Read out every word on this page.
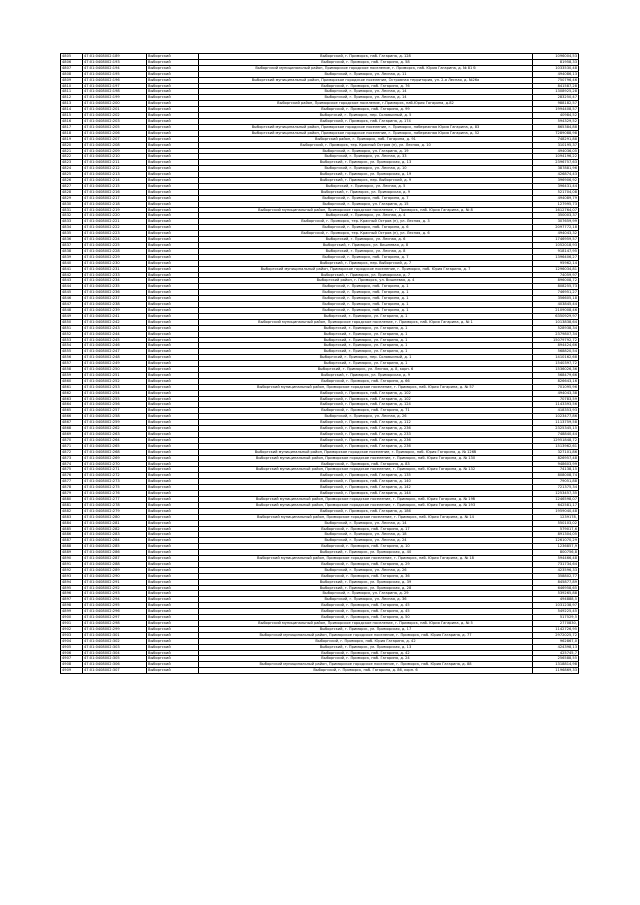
4805	47:01:0408002:189	Выборгский	Выборгский, г. Приморск, наб. Гагарина, д. 128	1096004,53
4806	47:01:0408002:193	Выборгский	Выборгский, г. Приморск, наб. Гагарина, д. 58	81958,33
4807	47:01:0408002:194	Выборгский	Выборгский муниципальный район, Приморское городское поселение, г. Приморск, наб. Юрия Гагарина, д. № 81 б	1033530,48
4808	47:01:0408002:195	Выборгский	Выборгский, г. Приморск, ул. Лесная, д. 11	494086,13
4809	47:01:0408002:196	Выборгский	Выборгский муниципальный район, Приморское городское поселение, Островная территория, ул. 2-я Лесная, д. №26а	750796,46
4810	47:01:0408002:197	Выборгский	Выборгский, г. Приморск, наб. Гагарина, д. 76	841587,28
4811	47:01:0408002:198	Выборгский	Выборгский, г. Приморск, ул. Лесная, д. 14	1308925,28
4812	47:01:0408002:199	Выборгский	Выборгский, г. Приморск, ул. Лесная, д. 14	283250,47
4813	47:01:0408002:200	Выборгский	Выборгский район, Приморское городское поселение, г.Приморск, наб.Юрия Гагарина, д.82	988182,57
4814	47:01:0408002:201	Выборгский	Выборгский, г. Приморск, наб. Гагарина, д. 99	1994408,57
4815	47:01:0408002:202	Выборгский	Выборгский, г. Приморск, пер. Соловьиный, д. 5	40984,52
4816	47:01:0408002:203	Выборгский	Выборгский, г. Приморск, наб. Гагарина, д. 174	594329,52
4817	47:01:0408002:205	Выборгский	Выборгский муниципальный район, Приморское городское поселение, г. Приморск, набережная Юрия Гагарина, д. 83	865384,88
4818	47:01:0408002:206	Выборгский	Выборгский муниципальный район, Приморское городское поселение, г. Приморск, набережная Юрия Гагарина, д. 52	7289088,98
4819	47:01:0408002:207	Выборгский	Выборгский район, г. Приморск, наб. Гагарина, д. 91	748291,88
4820	47:01:0408002:208	Выборгский	Выборгский, г. Приморск, тер. Красный Остров (п), ул. Лесная, д. 10	310195,37
4821	47:01:0408002:209	Выборгский	Выборгский, г. Приморск, ул. Гагарина, д. 19	494036,05
4822	47:01:0408002:210	Выборгский	Выборгский, г. Приморск, ул. Лесная, д. 33	1094196,22
4823	47:01:0408002:211	Выборгский	Выборгский, г. Приморск, ул. Приморская, д. 13	2396757,63
4824	47:01:0408002:212	Выборгский	Выборгский, г. Приморск, ул. Лесная, д. 10	387881,96
4825	47:01:0408002:213	Выборгский	Выборгский, г. Приморск, ул. Приморская, д. 19	426874,43
4826	47:01:0408002:214	Выборгский	Выборгский, г. Приморск, пер. Выборгский, д. 9	396906,92
4827	47:01:0408002:215	Выборгский	Выборгский, г. Приморск, ул. Лесная, д. 5	396431,44
4828	47:01:0408002:216	Выборгский	Выборгский, г. Приморск, ул. Приморская, д. 9	521704,08
4829	47:01:0408002:217	Выборгский	Выборгский, г. Приморск, наб. Гагарина, д. 7	494089,79
4830	47:01:0408002:218	Выборгский	Выборгский, г. Приморск, ул. Гагарина, д. 15	127995,73
4831	47:01:0408002:219	Выборгский	Выборгский муниципальный район, Приморское городское поселение, г. Приморск, наб. Юрия Гагарина, д. № 8	1612764,07
4832	47:01:0408002:220	Выборгский	Выборгский, г. Приморск, ул. Лесная, д. 4	350003,37
4833	47:01:0408002:221	Выборгский	Выборгский, г. Приморск, тер. Красный Остров (п), ул. Лесная, д. 3	307659,99
4834	47:01:0408002:222	Выборгский	Выборгский, г. Приморск, наб. Гагарина, д. 6	2097772,18
4835	47:01:0408002:223	Выборгский	Выборгский, г. Приморск, тер. Красный Остров (п), ул. Лесная, д. 6	494043,32
4836	47:01:0408002:224	Выборгский	Выборгский, г. Приморск, ул. Лесная, д. 6	1746959,57
4837	47:01:0408002:225	Выборгский	Выборгский, г. Приморск, ул. Вишневая, д. 8	1052018,93
4838	47:01:0408002:228	Выборгский	Выборгский, г. Приморск, ул. Лесная, д. 8	918147,95
4839	47:01:0408002:229	Выборгский	Выборгский, г. Приморск, наб. Гагарина, д. 7	1396406,27
4840	47:01:0408002:230	Выборгский	Выборгский, г. Приморск, пер. Выборгский, д. 7	95962,14
4841	47:01:0408002:231	Выборгский	Выборгский муниципальный район, Приморское городское поселение, г. Приморск, наб. Юрия Гагарина, д. 7	1296034,81
4842	47:01:0408002:233	Выборгский	Выборгский, г. Приморск, ул. Приморская, д. 7	74059,97
4843	47:01:0408002:234	Выборгский	Выборгский район, г. Приморск, ул. Вишневая, д. 4	896008,72
4844	47:01:0408002:235	Выборгский	Выборгский, г. Приморск, наб. Гагарина, д. 1	808255,73
4845	47:01:0408002:236	Выборгский	Выборгский, г. Приморск, наб. Гагарина, д. 1	746951,27
4846	47:01:0408002:237	Выборгский	Выборгский, г. Приморск, наб. Гагарина, д. 1	356605,18
4847	47:01:0408002:238	Выборгский	Выборгский, г. Приморск, наб. Гагарина, д. 1	403845,44
4848	47:01:0408002:239	Выборгский	Выборгский, г. Приморск, наб. Гагарина, д. 1	2109008,46
4849	47:01:0408002:241	Выборгский	Выборгский, г. Приморск, ул. Гагарина, д. 1	6350929,97
4850	47:01:0408002:242	Выборгский	Выборгский муниципальный район, Приморское городское поселение, г. Приморск, наб. Юрия Гагарина, д. № 1	1013838,64
4851	47:01:0408002:243	Выборгский	Выборгский, г. Приморск, ул. Гагарина, д. 1	528938,34
4852	47:01:0408002:244	Выборгский	Выборгский, г. Приморск, ул. Гагарина, д. 1	2379807,34
4853	47:01:0408002:245	Выборгский	Выборгский, г. Приморск, ул. Гагарина, д. 1	15079792,72
4854	47:01:0408002:246	Выборгский	Выборгский, г. Приморск, ул. Гагарина, д. 1	894424,66
4855	47:01:0408002:247	Выборгский	Выборгский, г. Приморск, ул. Гагарина, д. 1	568820,54
4856	47:01:0408002:248	Выборгский	Выборгский, г. Приморск, пер. Соловьиный, д. 1	1410162,68
4857	47:01:0408002:249	Выборгский	Выборгский, г. Приморск, ул. Гагарина, д. 1	1540397,72
4858	47:01:0408002:250	Выборгский	Выборгский, г. Приморск, ул. Лесная, д. 8, корп. 6	1536026,36
4859	47:01:0408002:251	Выборгский	Выборгский, г. Приморск, ул. Приморская, д. 9	568479,66
4860	47:01:0408002:252	Выборгский	Выборгский, г. Приморск, наб. Гагарина, д. 66	826643,16
4861	47:01:0408002:253	Выборгский	Выборгский муниципальный район, Приморское городское поселение, г. Приморск, наб. Юрия Гагарина, д. № 57	701095,96
4862	47:01:0408002:254	Выборгский	Выборгский, г. Приморск, наб. Гагарина, д. 102	494043,38
4863	47:01:0408002:255	Выборгский	Выборгский, г. Приморск, наб. Гагарина, д. 102	70783,59
4864	47:01:0408002:256	Выборгский	Выборгский, г. Приморск, наб. Гагарина, д. 124	1143393,56
4865	47:01:0408002:257	Выборгский	Выборгский, г. Приморск, наб. Гагарина, д. 71	418353,93
4866	47:01:0408002:258	Выборгский	Выборгский, г. Приморск, ул. Лесная, д. 26	1023477,86
4867	47:01:0408002:259	Выборгский	Выборгский, г. Приморск, наб. Гагарина, д. 112	1113759,58
4868	47:01:0408002:262	Выборгский	Выборгский, г. Приморск, наб. Гагарина, д. 236	2325345,15
4869	47:01:0408002:263	Выборгский	Выборгский, г. Приморск, наб. Гагарина, д. 233	748840,44
4870	47:01:0408002:264	Выборгский	Выборгский, г. Приморск, наб. Гагарина, д. 236	12951848,72
4871	47:01:0408002:265	Выборгский	Выборгский, г. Приморск, наб. Гагарина, д. 236	1513962,61
4872	47:01:0408002:268	Выборгский	Выборгский муниципальный район, Приморское городское поселение, г. Приморск, наб. Юрия Гагарина, д. № 126б	327101,86
4873	47:01:0408002:269	Выборгский	Выборгский муниципальный район, Приморское городское поселение, г. Приморск, наб. Юрия Гагарина, д. № 130	826957,48
4874	47:01:0408002:270	Выборгский	Выборгский, г. Приморск, наб. Гагарина, д. 83	948603,99
4875	47:01:0408002:271	Выборгский	Выборгский муниципальный район, Приморское городское поселение, г. Приморск, наб. Юрия Гагарина, д. № 132	74138,15
4876	47:01:0408002:272	Выборгский	Выборгский, г. Приморск, наб. Гагарина, д. 135	808008,74
4877	47:01:0408002:273	Выборгский	Выборгский, г. Приморск, наб. Гагарина, д. 140	79051,88
4878	47:01:0408002:275	Выборгский	Выборгский, г. Приморск, наб. Гагарина, д. 142	721375,34
4879	47:01:0408002:276	Выборгский	Выборгский, г. Приморск, наб. Гагарина, д. 144	1253457,35
4880	47:01:0408002:277	Выборгский	Выборгский муниципальный район, Приморское городское поселение, г. Приморск, наб. Юрия Гагарина, д. № 19б	1246598,07
4881	47:01:0408002:278	Выборгский	Выборгский муниципальный район, Приморское городское поселение, г. Приморск, наб. Юрия Гагарина, д. № 193	642581,17
4882	47:01:0408002:279	Выборгский	Выборгский, г. Приморск, наб. Гагарина, д. 186	1959040,48
4883	47:01:0408002:280	Выборгский	Выборгский муниципальный район, Приморское городское поселение, г. Приморск, наб. Юрия Гагарина, д. № 14	1239178,
4884	47:01:0408002:281	Выборгский	Выборгский, г. Приморск, ул. Лесная, д. 14	550103,02
4885	47:01:0408002:282	Выборгский	Выборгский, г. Приморск, наб. Гагарина, д. 17	579017,6
4886	47:01:0408002:283	Выборгский	Выборгский, г. Приморск, ул. Лесная, д. 18	891304,05
4887	47:01:0408002:284	Выборгский	Выборгский, г. Приморск, ул. Лесная, д. 24	1261070,29
4888	47:01:0408002:285	Выборгский	Выборгский, г. Приморск, наб. Гагарина, д. 10	1236857,9
4889	47:01:0408002:286	Выборгский	Выборгский, г. Приморск, ул. Приморская, д. 40	800756,8
4890	47:01:0408002:287	Выборгский	Выборгский муниципальный район, Приморское городское поселение, г. Приморск, наб. Юрия Гагарина, д. № 18	594466,48
4891	47:01:0408002:288	Выборгский	Выборгский, г. Приморск, наб. Гагарина, д. 29	731734,64
4892	47:01:0408002:289	Выборгский	Выборгский, г. Приморск, ул. Лесная, д. 26	423596,33
4893	47:01:0408002:290	Выборгский	Выборгский, г. Приморск, наб. Гагарина, д. 36	358802,77
4894	47:01:0408002:291	Выборгский	Выборгский, г. Приморск, ул. Приморская, д. 39	845877,89
4895	47:01:0408002:292	Выборгский	Выборгский, г. Приморск, ул. Приморская, д. 28	646958,65
4896	47:01:0408002:293	Выборгский	Выборгский, г. Приморск, ул. Гагарина, д. 29	539265,88
4897	47:01:0408002:294	Выборгский	Выборгский, г. Приморск, ул. Лесная, д. 36	494888,5
4898	47:01:0408002:295	Выборгский	Выборгский, г. Приморск, наб. Гагарина, д. 45	1031238,97
4899	47:01:0408002:296	Выборгский	Выборгский, г. Приморск, наб. Гагарина, д. 45	549225,45
4900	47:01:0408002:297	Выборгский	Выборгский, г. Приморск, наб. Гагарина, д. 50	517529,5
4901	47:01:0408002:298	Выборгский	Выборгский муниципальный район, Приморское городское поселение, г. Приморск, наб. Юрия Гагарина, д. № 5	2770830,
4902	47:01:0408002:299	Выборгский	Выборгский, г. Приморск, ул. Приморская, д. 17	1142726,95
4903	47:01:0408002:301	Выборгский	Выборгский муниципальный район, Приморское городское поселение, г. Приморск, наб. Юрия Гагарина, д. 77	2972025,72
4904	47:01:0408002:302	Выборгский	Выборгский, г. Приморск, наб. Юрия Гагарина, д. 42	962867,0
4905	47:01:0408002:303	Выборгский	Выборгский, г. Приморск, ул. Приморская, д. 13	424398,13
4906	47:01:0408002:304	Выборгский	Выборгский, г. Приморск, наб. Гагарина, д. 42	425745,7
4907	47:01:0408002:305	Выборгский	Выборгский, г. Приморск, наб. Гагарина, д. 24	256588,55
4908	47:01:0408002:306	Выборгский	Выборгский муниципальный район, Приморское городское поселение, г. Приморск, наб. Юрия Гагарина, д. 88	1318814,98
4909	47:01:0408002:307	Выборгский	Выборгский, г. Приморск, наб. Гагарина, д. 86, корп. 6	1196869,33
